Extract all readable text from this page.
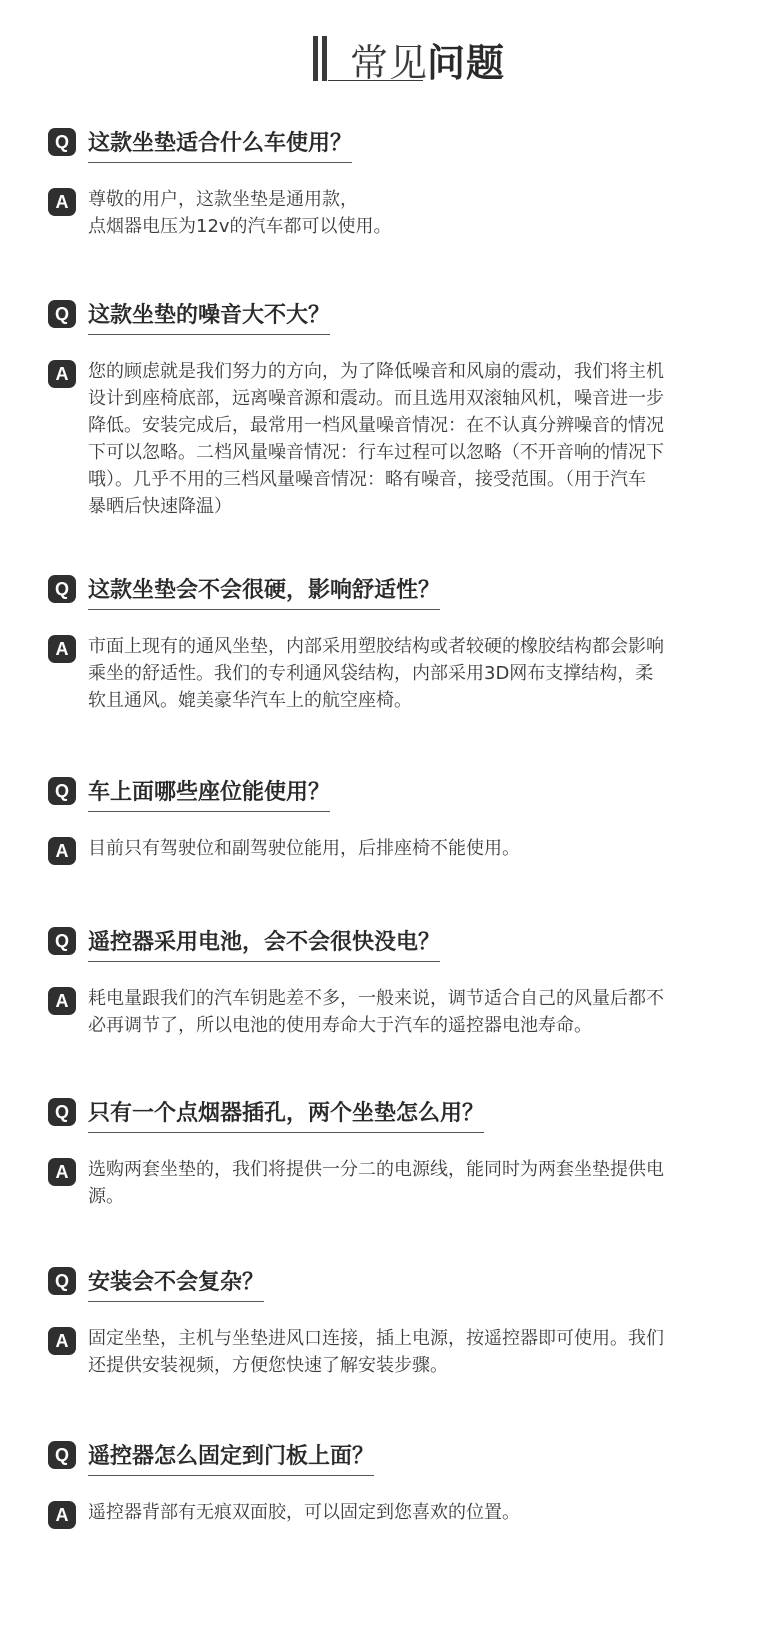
常见
问题
Q 这款坐垫适合什么车使用？
A	尊敬的用户，这款坐垫是通用款，
点烟器电压为12v的汽车都可以使用。
Q 这款坐垫的噪音大不大？
A	您的顾虑就是我们努力的方向，为了降低噪音和风扇的震动，我们将主机
设计到座椅底部，远离噪音源和震动。而且选用双滚轴风机，噪音进一步
降低。安装完成后，最常用一档风量噪音情况：在不认真分辨噪音的情况
下可以忽略。二档风量噪音情况：行车过程可以忽略（不开音响的情况下
哦）。几乎不用的三档风量噪音情况：略有噪音，接受范围。（用于汽车
暴晒后快速降温）
Q 这款坐垫会不会很硬，影响舒适性？
A	市面上现有的通风坐垫，内部采用塑胶结构或者较硬的橡胶结构都会影响
乘坐的舒适性。我们的专利通风袋结构，内部采用3D网布支撑结构，柔
软且通风。媲美豪华汽车上的航空座椅。
Q 车上面哪些座位能使用？
A	目前只有驾驶位和副驾驶位能用，后排座椅不能使用。
Q 遥控器采用电池，会不会很快没电？
A	耗电量跟我们的汽车钥匙差不多，一般来说，调节适合自己的风量后都不
必再调节了，所以电池的使用寿命大于汽车的遥控器电池寿命。
Q 只有一个点烟器插孔，两个坐垫怎么用？
A	选购两套坐垫的，我们将提供一分二的电源线，能同时为两套坐垫提供电
源。
Q 安装会不会复杂？
A	固定坐垫，主机与坐垫进风口连接，插上电源，按遥控器即可使用。我们
还提供安装视频，方便您快速了解安装步骤。
Q 遥控器怎么固定到门板上面？
A	遥控器背部有无痕双面胶，可以固定到您喜欢的位置。
